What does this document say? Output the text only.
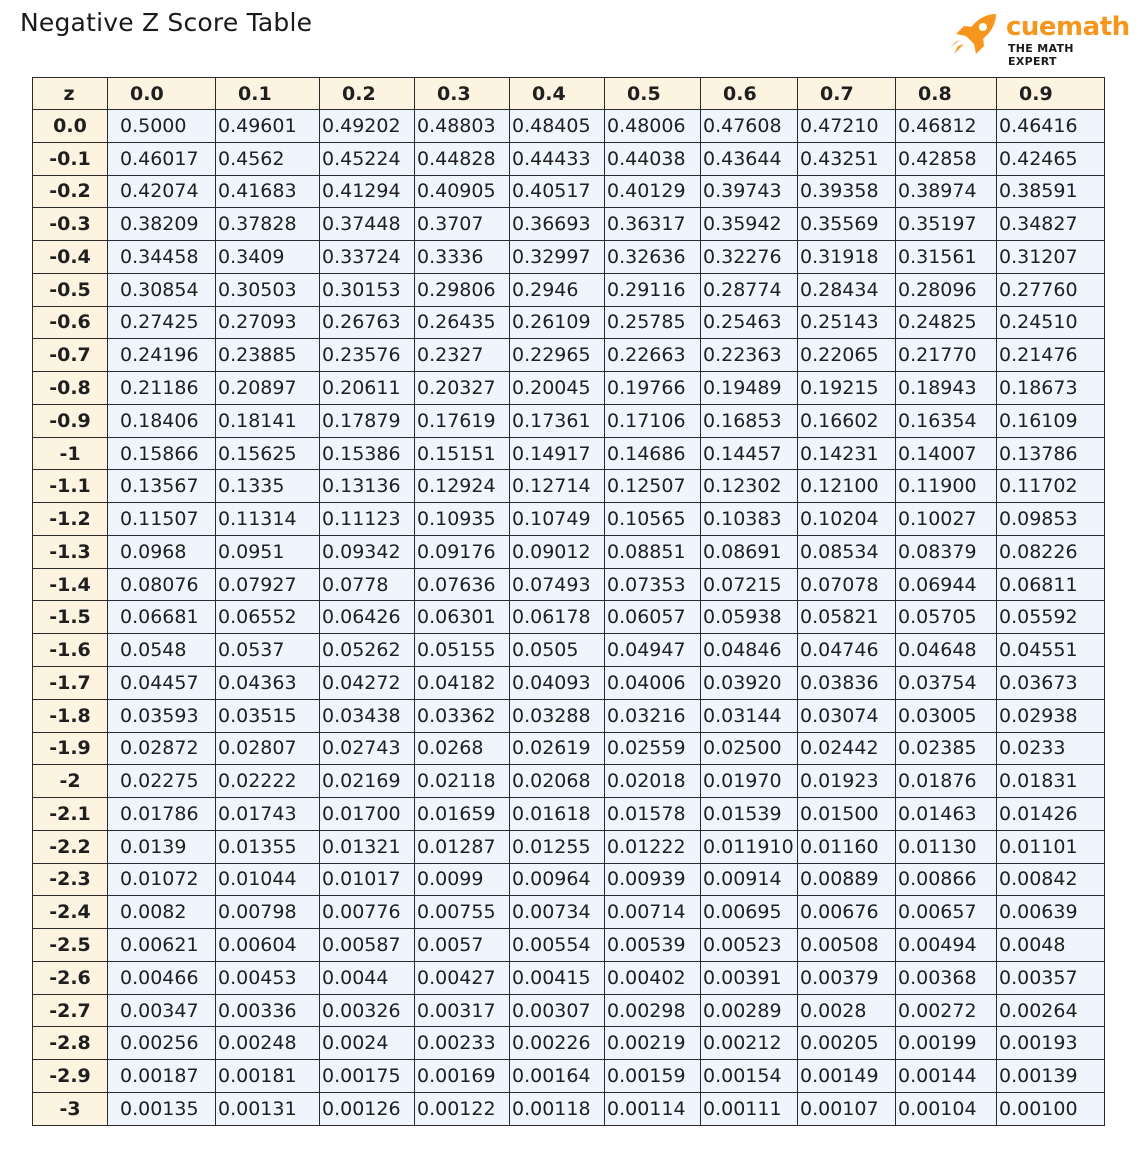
Negative Z Score Table	cuemath
THE MATH EXPERT
z	0.0	0.1	0.2	0.3	0.4	0.5	0.6	0.7	0.8	0.9
0.0	0.5000	0.49601	0.49202	0.48803	0.48405	0.48006	0.47608	0.47210	0.46812	0.46416
-0.1	0.46017	0.4562	0.45224	0.44828	0.44433	0.44038	0.43644	0.43251	0.42858	0.42465
-0.2	0.42074	0.41683	0.41294	0.40905	0.40517	0.40129	0.39743	0.39358	0.38974	0.38591
-0.3	0.38209	0.37828	0.37448	0.3707	0.36693	0.36317	0.35942	0.35569	0.35197	0.34827
-0.4	0.34458	0.3409	0.33724	0.3336	0.32997	0.32636	0.32276	0.31918	0.31561	0.31207
-0.5	0.30854	0.30503	0.30153	0.29806	0.2946	0.29116	0.28774	0.28434	0.28096	0.27760
-0.6	0.27425	0.27093	0.26763	0.26435	0.26109	0.25785	0.25463	0.25143	0.24825	0.24510
-0.7	0.24196	0.23885	0.23576	0.2327	0.22965	0.22663	0.22363	0.22065	0.21770	0.21476
-0.8	0.21186	0.20897	0.20611	0.20327	0.20045	0.19766	0.19489	0.19215	0.18943	0.18673
-0.9	0.18406	0.18141	0.17879	0.17619	0.17361	0.17106	0.16853	0.16602	0.16354	0.16109
-1	0.15866	0.15625	0.15386	0.15151	0.14917	0.14686	0.14457	0.14231	0.14007	0.13786
-1.1	0.13567	0.1335	0.13136	0.12924	0.12714	0.12507	0.12302	0.12100	0.11900	0.11702
-1.2	0.11507	0.11314	0.11123	0.10935	0.10749	0.10565	0.10383	0.10204	0.10027	0.09853
-1.3	0.0968	0.0951	0.09342	0.09176	0.09012	0.08851	0.08691	0.08534	0.08379	0.08226
-1.4	0.08076	0.07927	0.0778	0.07636	0.07493	0.07353	0.07215	0.07078	0.06944	0.06811
-1.5	0.06681	0.06552	0.06426	0.06301	0.06178	0.06057	0.05938	0.05821	0.05705	0.05592
-1.6	0.0548	0.0537	0.05262	0.05155	0.0505	0.04947	0.04846	0.04746	0.04648	0.04551
-1.7	0.04457	0.04363	0.04272	0.04182	0.04093	0.04006	0.03920	0.03836	0.03754	0.03673
-1.8	0.03593	0.03515	0.03438	0.03362	0.03288	0.03216	0.03144	0.03074	0.03005	0.02938
-1.9	0.02872	0.02807	0.02743	0.0268	0.02619	0.02559	0.02500	0.02442	0.02385	0.0233
-2	0.02275	0.02222	0.02169	0.02118	0.02068	0.02018	0.01970	0.01923	0.01876	0.01831
-2.1	0.01786	0.01743	0.01700	0.01659	0.01618	0.01578	0.01539	0.01500	0.01463	0.01426
-2.2	0.0139	0.01355	0.01321	0.01287	0.01255	0.01222	0.011910	0.01160	0.01130	0.01101
-2.3	0.01072	0.01044	0.01017	0.0099	0.00964	0.00939	0.00914	0.00889	0.00866	0.00842
-2.4	0.0082	0.00798	0.00776	0.00755	0.00734	0.00714	0.00695	0.00676	0.00657	0.00639
-2.5	0.00621	0.00604	0.00587	0.0057	0.00554	0.00539	0.00523	0.00508	0.00494	0.0048
-2.6	0.00466	0.00453	0.0044	0.00427	0.00415	0.00402	0.00391	0.00379	0.00368	0.00357
-2.7	0.00347	0.00336	0.00326	0.00317	0.00307	0.00298	0.00289	0.0028	0.00272	0.00264
-2.8	0.00256	0.00248	0.0024	0.00233	0.00226	0.00219	0.00212	0.00205	0.00199	0.00193
-2.9	0.00187	0.00181	0.00175	0.00169	0.00164	0.00159	0.00154	0.00149	0.00144	0.00139
-3	0.00135	0.00131	0.00126	0.00122	0.00118	0.00114	0.00111	0.00107	0.00104	0.00100
